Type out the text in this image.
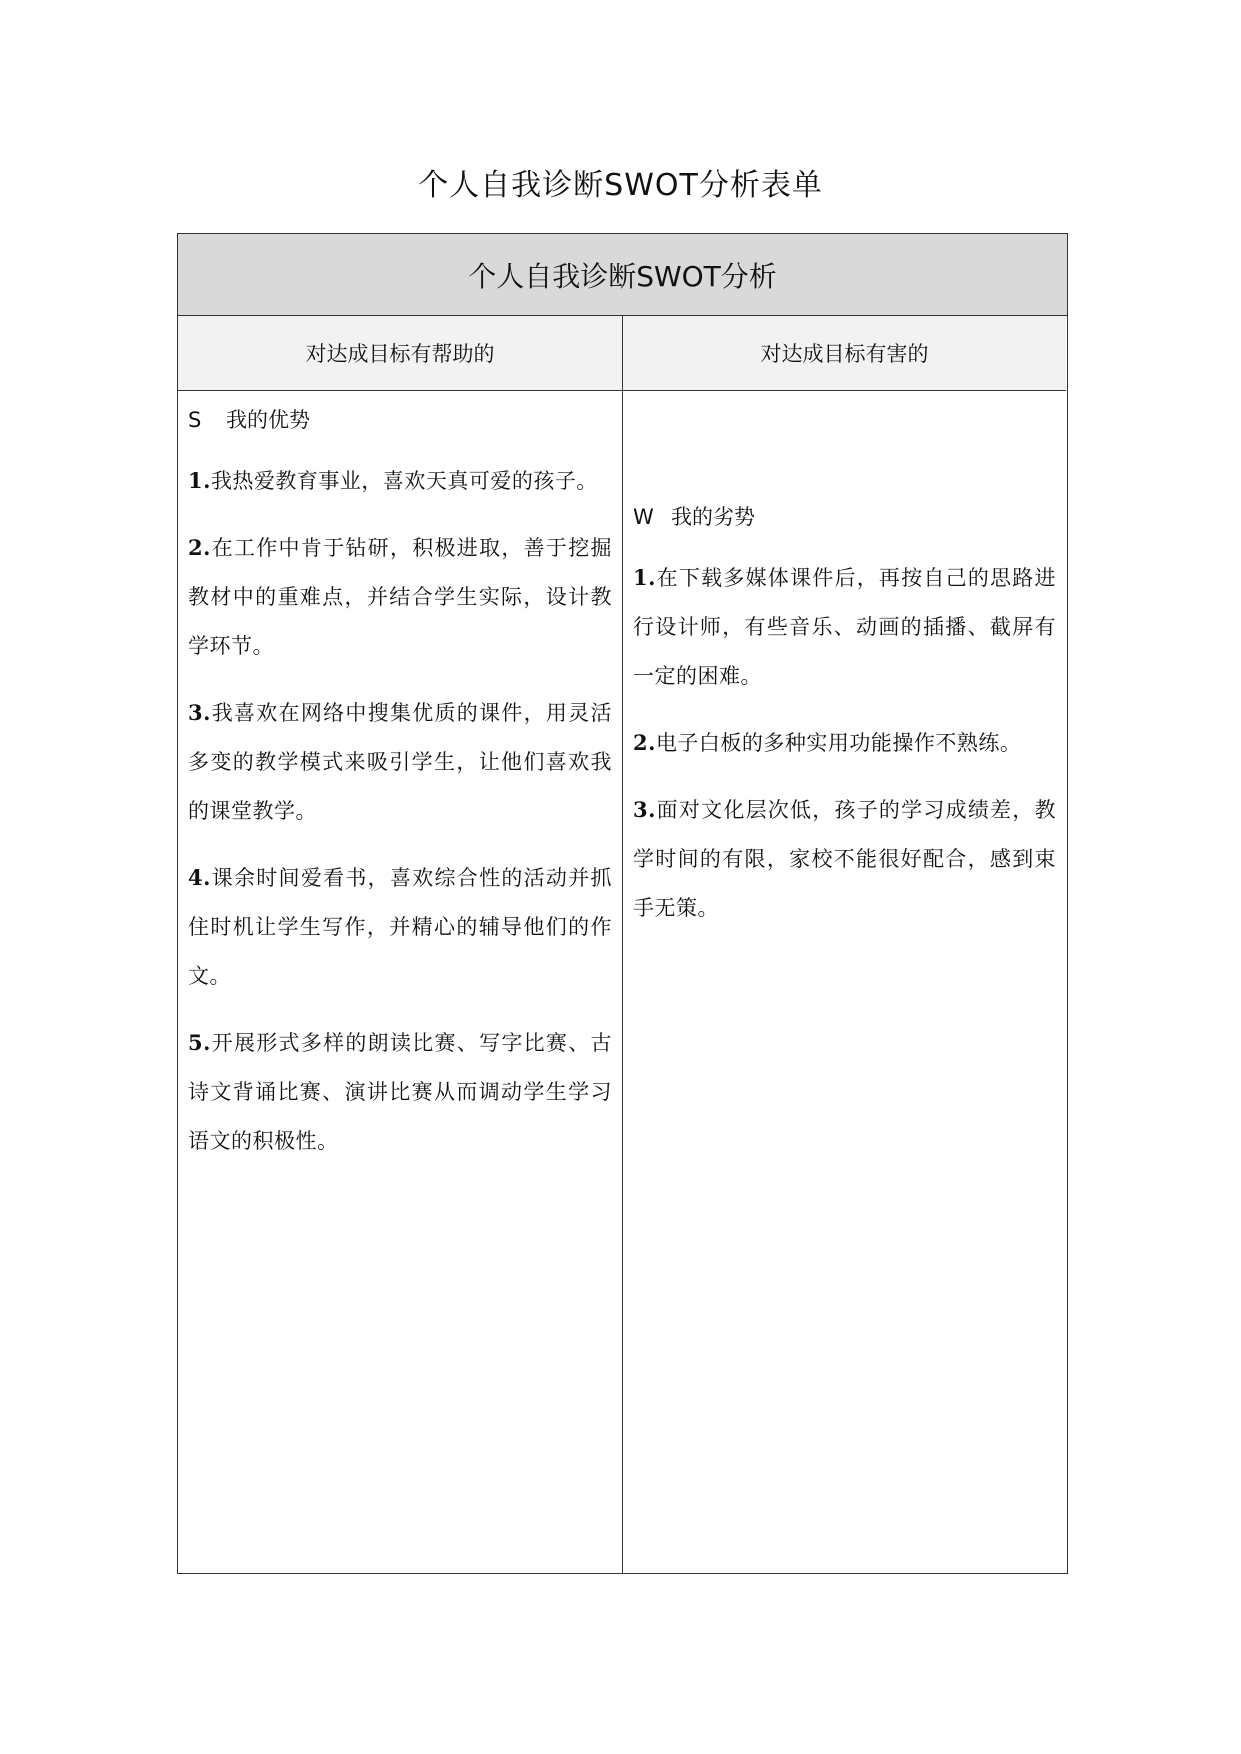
个人自我诊断SWOT分析表单
个人自我诊断SWOT分析
对达成目标有帮助的	对达成目标有害的

S 我的优势

1.我热爱教育事业，喜欢天真可爱的孩子。

2.在工作中肯于钻研，积极进取，善于挖掘教材中的重难点，并结合学生实际，设计教学环节。

3.我喜欢在网络中搜集优质的课件，用灵活多变的教学模式来吸引学生，让他们喜欢我的课堂教学。

4.课余时间爱看书，喜欢综合性的活动并抓住时机让学生写作，并精心的辅导他们的作文。

5.开展形式多样的朗读比赛、写字比赛、古诗文背诵比赛、演讲比赛从而调动学生学习语文的积极性。

W 我的劣势

1.在下载多媒体课件后，再按自己的思路进行设计师，有些音乐、动画的插播、截屏有一定的困难。

2.电子白板的多种实用功能操作不熟练。

3.面对文化层次低，孩子的学习成绩差，教学时间的有限，家校不能很好配合，感到束手无策。
